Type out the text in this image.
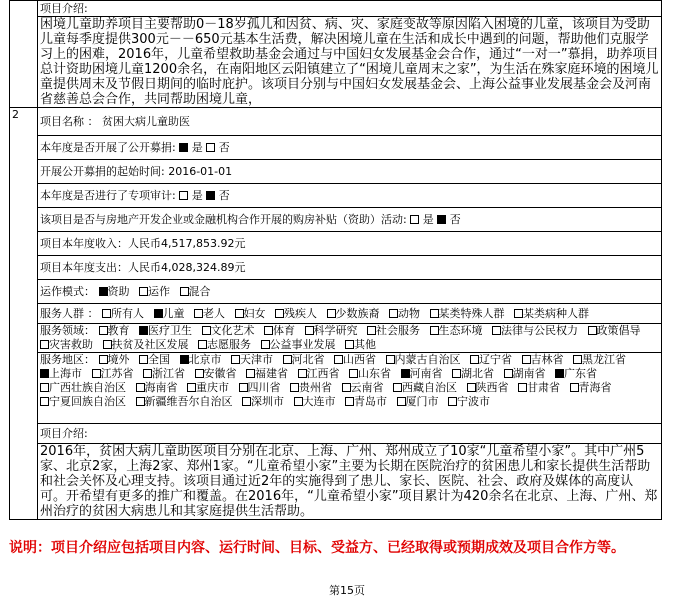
	项目介绍:
	困境儿童助养项目主要帮助0－18岁孤儿和因贫、病、灾、家庭变故等原因陷入困境的儿童，该项目为受助儿童每季度提供300元－－650元基本生活费，解决困境儿童在生活和成长中遇到的问题，帮助他们克服学习上的困难，2016年，儿童希望救助基金会通过与中国妇女发展基金会合作，通过“一对一”慕捐，助养项目总计资助困境儿童1200余名，在南阳地区云阳镇建立了“困境儿童周末之家”，为生活在殊家庭环境的困境儿童提供周末及节假日期间的临时庇护。该项目分别与中国妇女发展基金会、上海公益事业发展基金会及河南省慈善总会合作，共同帮助困境儿童，
2	项目名称 ： 贫困大病儿童助医
	本年度是否开展了公开募捐: 是 否
	开展公开募捐的起始时间: 2016-01-01
	本年度是否进行了专项审计: 是 否
	该项目是否与房地产开发企业或金融机构合作开展的购房补贴（资助）活动: 是 否
	项目本年度收入：人民币4,517,853.92元
	项目本年度支出：人民币4,028,324.89元
	运作模式： 资助 运作 混合
	服务人群 ： 所有人 儿童 老人 妇女 残疾人 少数族裔 动物 某类特殊人群 某类病种人群
	服务领域： 教育 医疗卫生 文化艺术 体育 科学研究 社会服务 生态环境 法律与公民权力 政策倡导 灾害救助 扶贫及社区发展 志愿服务 公益事业发展 其他
	服务地区： 境外 全国 北京市 天津市 河北省 山西省 内蒙古自治区 辽宁省 吉林省 黑龙江省 上海市 江苏省 浙江省 安徽省 福建省 江西省 山东省 河南省 湖北省 湖南省 广东省 广西壮族自治区 海南省 重庆市 四川省 贵州省 云南省 西藏自治区 陕西省 甘肃省 青海省 宁夏回族自治区 新疆维吾尔自治区 深圳市 大连市 青岛市 厦门市 宁波市
	项目介绍:
	2016年，贫困大病儿童助医项目分别在北京、上海、广州、郑州成立了10家“儿童希望小家”。其中广州5家、北京2家，上海2家、郑州1家。“儿童希望小家”主要为长期在医院治疗的贫困患儿和家长提供生活帮助和社会关怀及心理支持。该项目通过近2年的实施得到了患儿、家长、医院、社会、政府及媒体的高度认可。开希望有更多的推广和覆盖。在2016年，“儿童希望小家”项目累计为420余名在北京、上海、广州、郑州治疗的贫困大病患儿和其家庭提供生活帮助。
说明：项目介绍应包括项目内容、运行时间、目标、受益方、已经取得或预期成效及项目合作方等。
第15页
